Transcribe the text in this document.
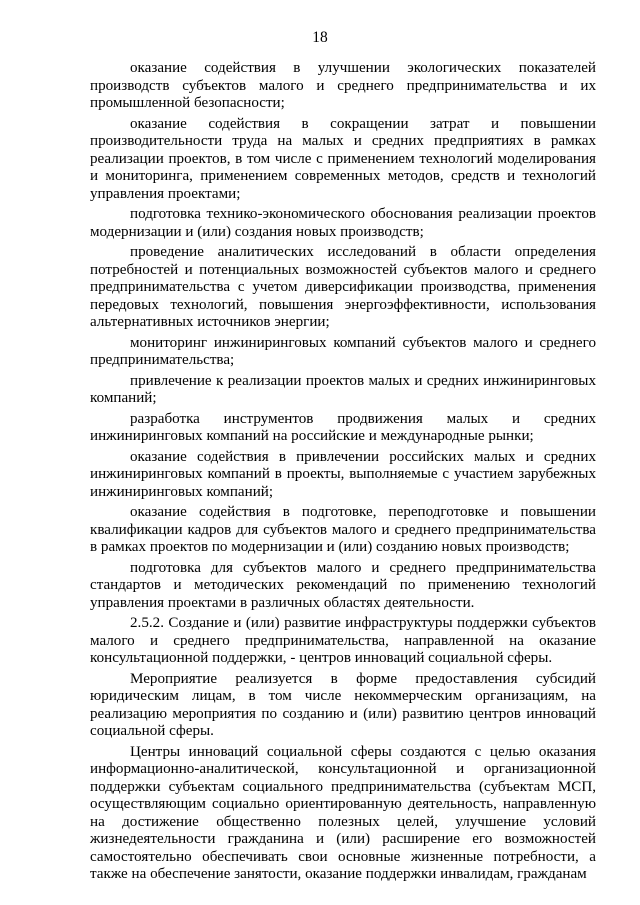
18

оказание содействия в улучшении экологических показателей производств субъектов малого и среднего предпринимательства и их промышленной безопасности;

оказание содействия в сокращении затрат и повышении производительности труда на малых и средних предприятиях в рамках реализации проектов, в том числе с применением технологий моделирования и мониторинга, применением современных методов, средств и технологий управления проектами;

подготовка технико-экономического обоснования реализации проектов модернизации и (или) создания новых производств;

проведение аналитических исследований в области определения потребностей и потенциальных возможностей субъектов малого и среднего предпринимательства с учетом диверсификации производства, применения передовых технологий, повышения энергоэффективности, использования альтернативных источников энергии;

мониторинг инжиниринговых компаний субъектов малого и среднего предпринимательства;

привлечение к реализации проектов малых и средних инжиниринговых компаний;

разработка инструментов продвижения малых и средних инжиниринговых компаний на российские и международные рынки;

оказание содействия в привлечении российских малых и средних инжиниринговых компаний в проекты, выполняемые с участием зарубежных инжиниринговых компаний;

оказание содействия в подготовке, переподготовке и повышении квалификации кадров для субъектов малого и среднего предпринимательства в рамках проектов по модернизации и (или) созданию новых производств;

подготовка для субъектов малого и среднего предпринимательства стандартов и методических рекомендаций по применению технологий управления проектами в различных областях деятельности.

2.5.2. Создание и (или) развитие инфраструктуры поддержки субъектов малого и среднего предпринимательства, направленной на оказание консультационной поддержки, - центров инноваций социальной сферы.

Мероприятие реализуется в форме предоставления субсидий юридическим лицам, в том числе некоммерческим организациям, на реализацию мероприятия по созданию и (или) развитию центров инноваций социальной сферы.

Центры инноваций социальной сферы создаются с целью оказания информационно-аналитической, консультационной и организационной поддержки субъектам социального предпринимательства (субъектам МСП, осуществляющим социально ориентированную деятельность, направленную на достижение общественно полезных целей, улучшение условий жизнедеятельности гражданина и (или) расширение его возможностей самостоятельно обеспечивать свои основные жизненные потребности, а также на обеспечение занятости, оказание поддержки инвалидам, гражданам
